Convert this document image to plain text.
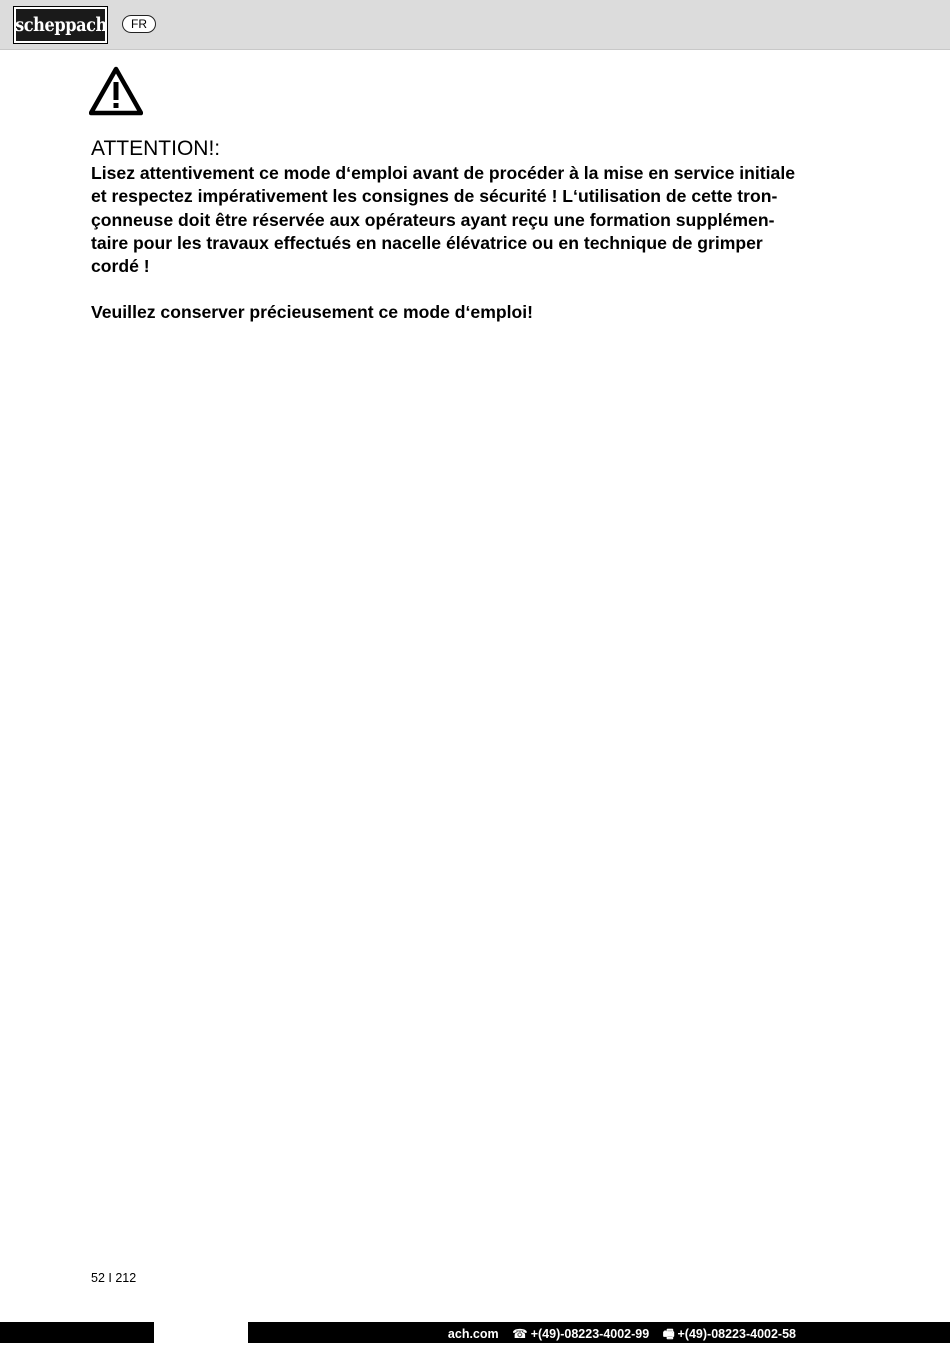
scheppach	FR
ATTENTION!:

Lisez attentivement ce mode d‘emploi avant de procéder à la mise en service initiale
et respectez impérativement les consignes de sécurité ! L‘utilisation de cette tron-
çonneuse doit être réservée aux opérateurs ayant reçu une formation supplémen-
taire pour les travaux effectués en nacelle élévatrice ou en technique de grimper
cordé !

Veuillez conserver précieusement ce mode d‘emploi!

52 I 212
ach.com ☎ +(49)-08223-4002-99 🖷 +(49)-08223-4002-58
